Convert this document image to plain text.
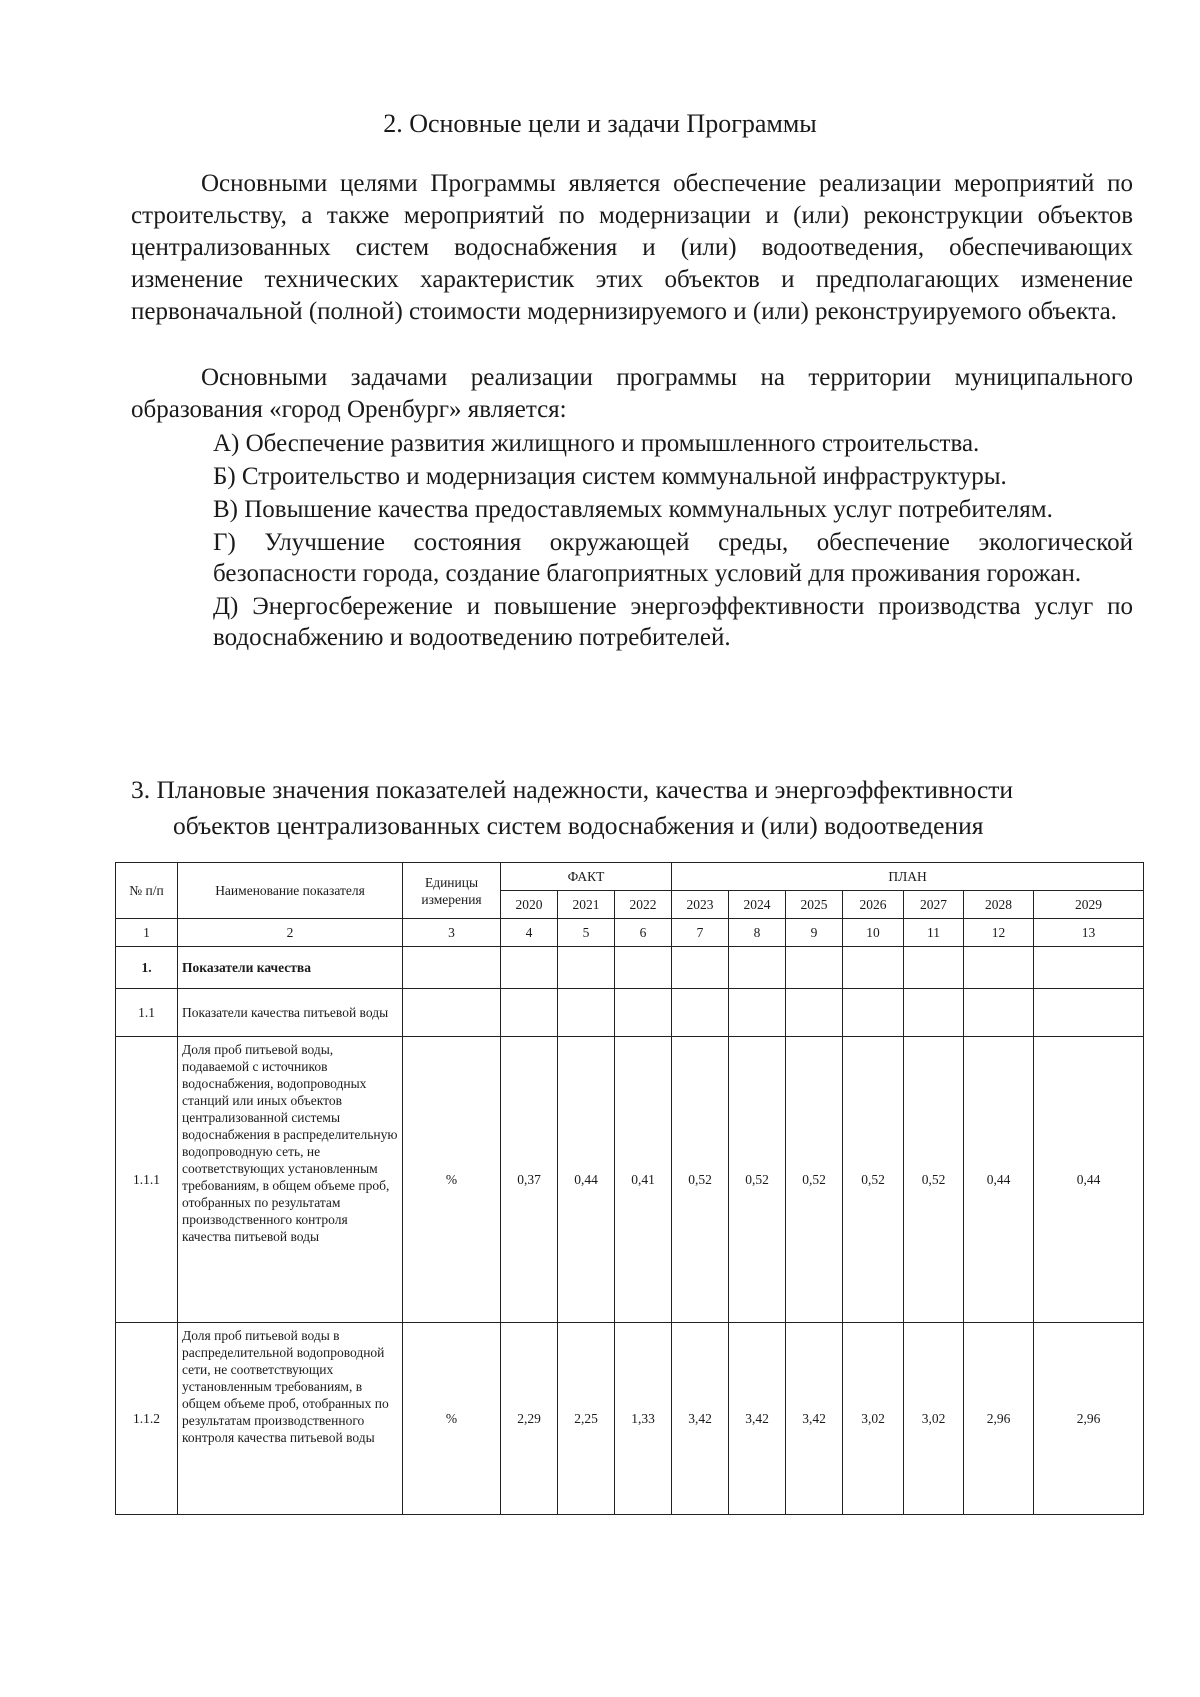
2. Основные цели и задачи Программы

Основными целями Программы является обеспечение реализации мероприятий по строительству, а также мероприятий по модернизации и (или) реконструкции объектов централизованных систем водоснабжения и (или) водоотведения, обеспечивающих изменение технических характеристик этих объектов и предполагающих изменение первоначальной (полной) стоимости модернизируемого и (или) реконструируемого объекта.

Основными задачами реализации программы на территории муниципального образования «город Оренбург» является:

А) Обеспечение развития жилищного и промышленного строительства.
Б) Строительство и модернизация систем коммунальной инфраструктуры.
В) Повышение качества предоставляемых коммунальных услуг потребителям.
Г) Улучшение состояния окружающей среды, обеспечение экологической безопасности города, создание благоприятных условий для проживания горожан.
Д) Энергосбережение и повышение энергоэффективности производства услуг по водоснабжению и водоотведению потребителей.
3. Плановые значения показателей надежности, качества и энергоэффективности
объектов централизованных систем водоснабжения и (или) водоотведения
№ п/п	Наименование показателя	Единицы измерения	ФАКТ			ПЛАН						
			2020	2021	2022	2023	2024	2025	2026	2027	2028	2029
1	2	3	4	5	6	7	8	9	10	11	12	13
1.	Показатели качества											
1.1	Показатели качества питьевой воды											
1.1.1	Доля проб питьевой воды, подаваемой с источников водоснабжения, водопроводных станций или иных объектов централизованной системы водоснабжения в распределительную водопроводную сеть, не соответствующих установленным требованиям, в общем объеме проб, отобранных по результатам производственного контроля качества питьевой воды	%	0,37	0,44	0,41	0,52	0,52	0,52	0,52	0,52	0,44	0,44
1.1.2	Доля проб питьевой воды в распределительной водопроводной сети, не соответствующих установленным требованиям, в общем объеме проб, отобранных по результатам производственного контроля качества питьевой воды	%	2,29	2,25	1,33	3,42	3,42	3,42	3,02	3,02	2,96	2,96
